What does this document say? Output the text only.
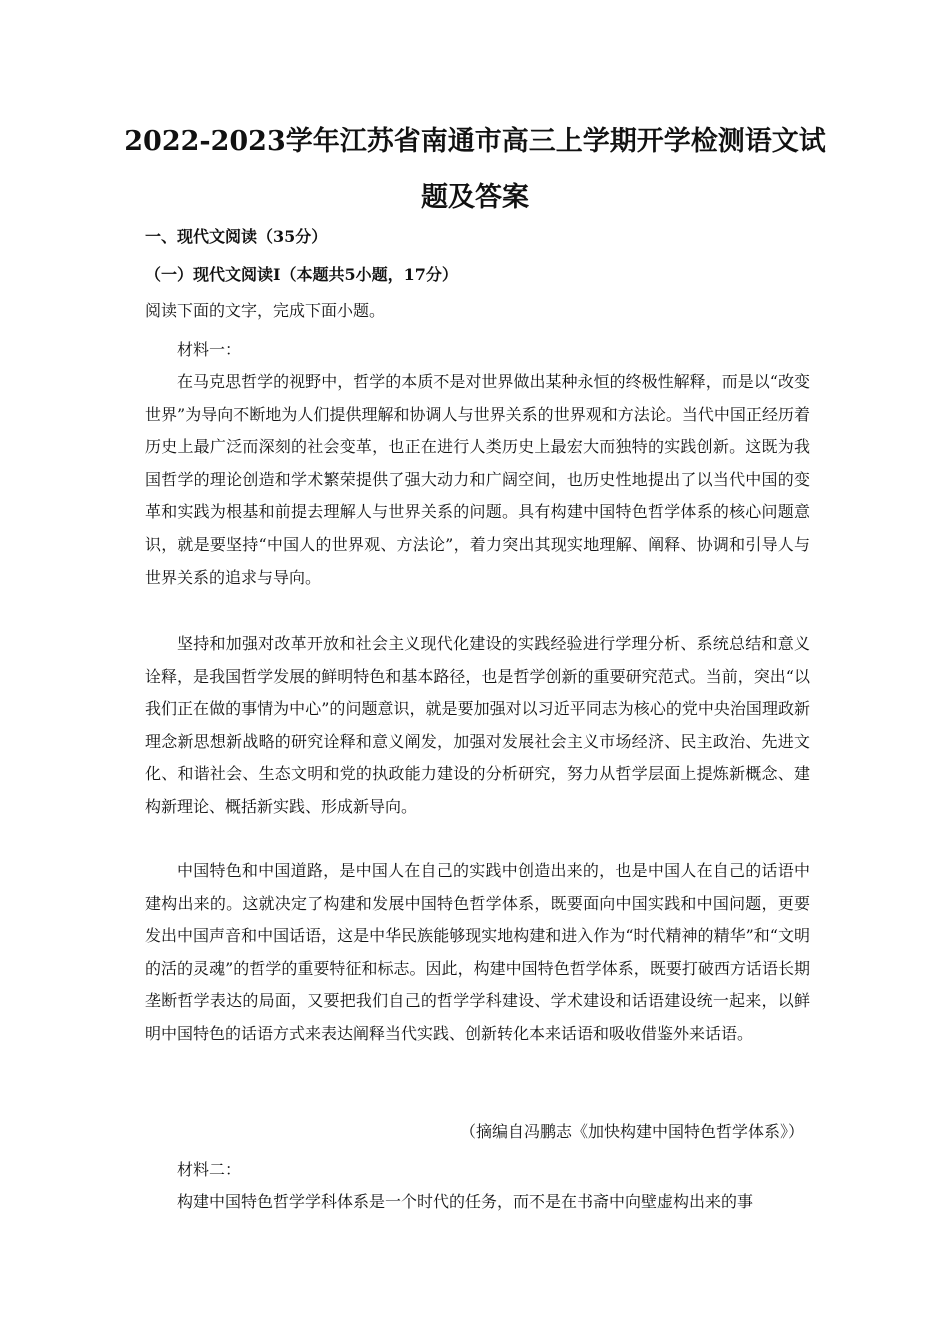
2022-2023学年江苏省南通市高三上学期开学检测语文试题及答案
一、现代文阅读（35分）
（一）现代文阅读Ⅰ（本题共5小题，17分）
阅读下面的文字，完成下面小题。
材料一：
在马克思哲学的视野中，哲学的本质不是对世界做出某种永恒的终极性解释，而是以“改变世界”为导向不断地为人们提供理解和协调人与世界关系的世界观和方法论。当代中国正经历着历史上最广泛而深刻的社会变革，也正在进行人类历史上最宏大而独特的实践创新。这既为我国哲学的理论创造和学术繁荣提供了强大动力和广阔空间，也历史性地提出了以当代中国的变革和实践为根基和前提去理解人与世界关系的问题。具有构建中国特色哲学体系的核心问题意识，就是要坚持“中国人的世界观、方法论”，着力突出其现实地理解、阐释、协调和引导人与世界关系的追求与导向。
坚持和加强对改革开放和社会主义现代化建设的实践经验进行学理分析、系统总结和意义诠释，是我国哲学发展的鲜明特色和基本路径，也是哲学创新的重要研究范式。当前，突出“以我们正在做的事情为中心”的问题意识，就是要加强对以习近平同志为核心的党中央治国理政新理念新思想新战略的研究诠释和意义阐发，加强对发展社会主义市场经济、民主政治、先进文化、和谐社会、生态文明和党的执政能力建设的分析研究，努力从哲学层面上提炼新概念、建构新理论、概括新实践、形成新导向。
中国特色和中国道路，是中国人在自己的实践中创造出来的，也是中国人在自己的话语中建构出来的。这就决定了构建和发展中国特色哲学体系，既要面向中国实践和中国问题，更要发出中国声音和中国话语，这是中华民族能够现实地构建和进入作为“时代精神的精华”和“文明的活的灵魂”的哲学的重要特征和标志。因此，构建中国特色哲学体系，既要打破西方话语长期垄断哲学表达的局面，又要把我们自己的哲学学科建设、学术建设和话语建设统一起来，以鲜明中国特色的话语方式来表达阐释当代实践、创新转化本来话语和吸收借鉴外来话语。
（摘编自冯鹏志《加快构建中国特色哲学体系》）
材料二：
构建中国特色哲学学科体系是一个时代的任务，而不是在书斋中向壁虚构出来的事
